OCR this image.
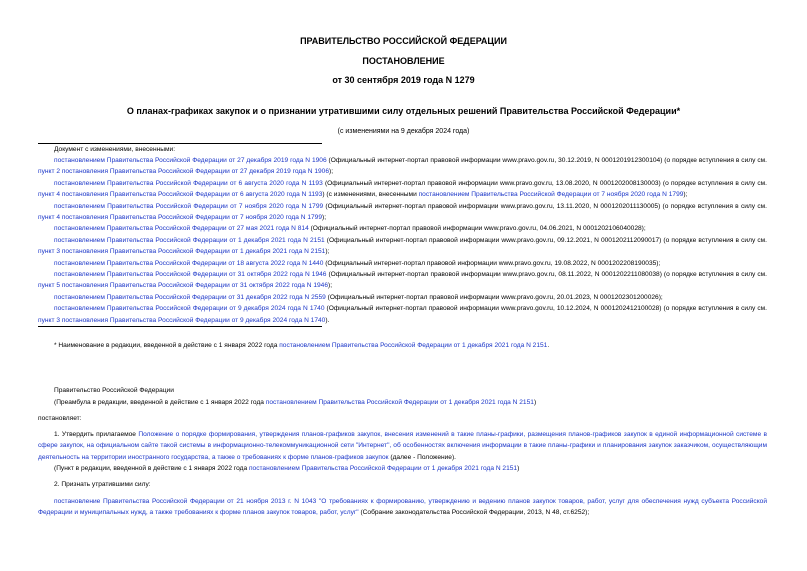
ПРАВИТЕЛЬСТВО РОССИЙСКОЙ ФЕДЕРАЦИИ
ПОСТАНОВЛЕНИЕ
от 30 сентября 2019 года N 1279
О планах-графиках закупок и о признании утратившими силу отдельных решений Правительства Российской Федерации*
(с изменениями на 9 декабря 2024 года)
Документ с изменениями, внесенными:
постановлением Правительства Российской Федерации от 27 декабря 2019 года N 1906 (Официальный интернет-портал правовой информации www.pravo.gov.ru, 30.12.2019, N 0001201912300104) (о порядке вступления в силу см. пункт 2 постановления Правительства Российской Федерации от 27 декабря 2019 года N 1906);
постановлением Правительства Российской Федерации от 6 августа 2020 года N 1193 (Официальный интернет-портал правовой информации www.pravo.gov.ru, 13.08.2020, N 0001202008130003) (о порядке вступления в силу см. пункт 4 постановления Правительства Российской Федерации от 6 августа 2020 года N 1193) (с изменениями, внесенными постановлением Правительства Российской Федерации от 7 ноября 2020 года N 1799);
постановлением Правительства Российской Федерации от 7 ноября 2020 года N 1799 (Официальный интернет-портал правовой информации www.pravo.gov.ru, 13.11.2020, N 0001202011130005) (о порядке вступления в силу см. пункт 4 постановления Правительства Российской Федерации от 7 ноября 2020 года N 1799);
постановлением Правительства Российской Федерации от 27 мая 2021 года N 814 (Официальный интернет-портал правовой информации www.pravo.gov.ru, 04.06.2021, N 0001202106040028);
постановлением Правительства Российской Федерации от 1 декабря 2021 года N 2151 (Официальный интернет-портал правовой информации www.pravo.gov.ru, 09.12.2021, N 0001202112090017) (о порядке вступления в силу см. пункт 3 постановления Правительства Российской Федерации от 1 декабря 2021 года N 2151);
постановлением Правительства Российской Федерации от 18 августа 2022 года N 1440 (Официальный интернет-портал правовой информации www.pravo.gov.ru, 19.08.2022, N 0001202208190035);
постановлением Правительства Российской Федерации от 31 октября 2022 года N 1946 (Официальный интернет-портал правовой информации www.pravo.gov.ru, 08.11.2022, N 0001202211080038) (о порядке вступления в силу см. пункт 5 постановления Правительства Российской Федерации от 31 октября 2022 года N 1946);
постановлением Правительства Российской Федерации от 31 декабря 2022 года N 2559 (Официальный интернет-портал правовой информации www.pravo.gov.ru, 20.01.2023, N 0001202301200026);
постановлением Правительства Российской Федерации от 9 декабря 2024 года N 1740 (Официальный интернет-портал правовой информации www.pravo.gov.ru, 10.12.2024, N 0001202412100028) (о порядке вступления в силу см. пункт 3 постановления Правительства Российской Федерации от 9 декабря 2024 года N 1740).
* Наименование в редакции, введенной в действие с 1 января 2022 года постановлением Правительства Российской Федерации от 1 декабря 2021 года N 2151.
Правительство Российской Федерации
(Преамбула в редакции, введенной в действие с 1 января 2022 года постановлением Правительства Российской Федерации от 1 декабря 2021 года N 2151)
постановляет:
1. Утвердить прилагаемое Положение о порядке формирования, утверждения планов-графиков закупок, внесения изменений в такие планы-графики, размещения планов-графиков закупок в единой информационной системе в сфере закупок, на официальном сайте такой системы в информационно-телекоммуникационной сети "Интернет", об особенностях включения информации в такие планы-графики и планирования закупок заказчиком, осуществляющим деятельность на территории иностранного государства, а также о требованиях к форме планов-графиков закупок (далее - Положение).
(Пункт в редакции, введенной в действие с 1 января 2022 года постановлением Правительства Российской Федерации от 1 декабря 2021 года N 2151)
2. Признать утратившими силу:
постановление Правительства Российской Федерации от 21 ноября 2013 г. N 1043 "О требованиях к формированию, утверждению и ведению планов закупок товаров, работ, услуг для обеспечения нужд субъекта Российской Федерации и муниципальных нужд, а также требованиях к форме планов закупок товаров, работ, услуг" (Собрание законодательства Российской Федерации, 2013, N 48, ст.6252);
